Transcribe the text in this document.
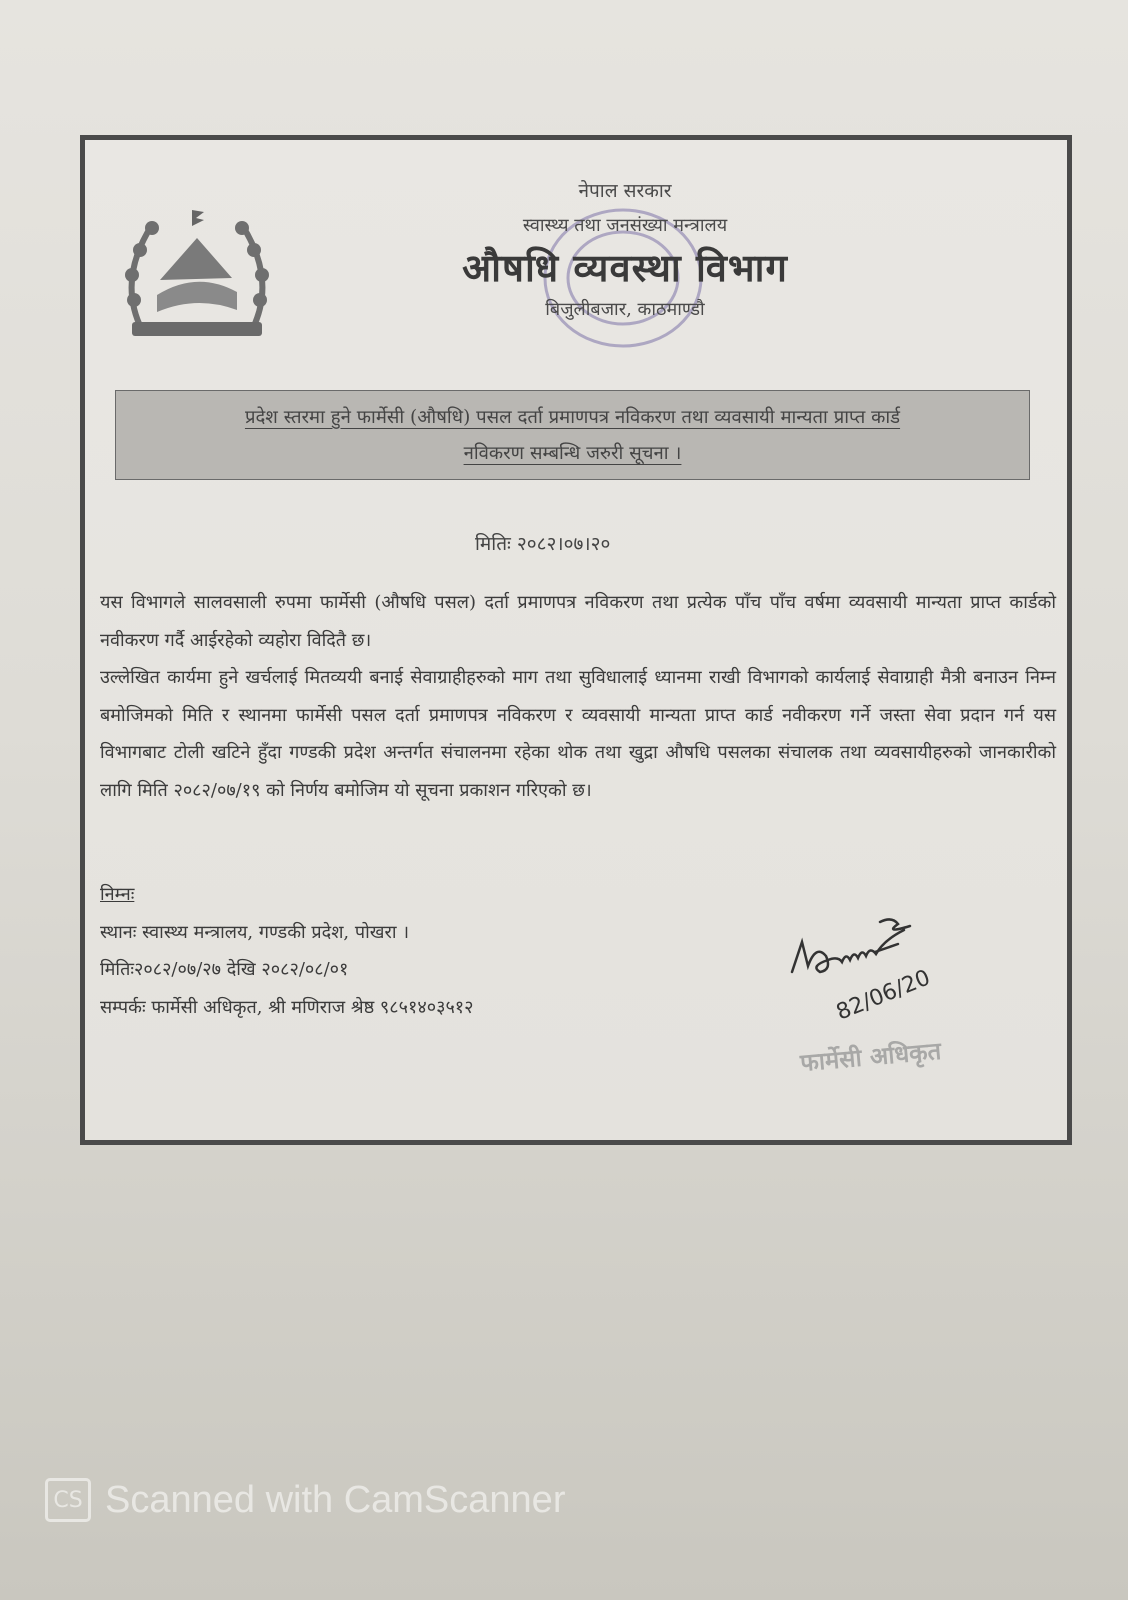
नेपाल सरकार
स्वास्थ्य तथा जनसंख्या मन्त्रालय
औषधि व्यवस्था विभाग
बिजुलीबजार, काठमाण्डौ
प्रदेश स्तरमा हुने फार्मेसी (औषधि) पसल दर्ता प्रमाणपत्र नविकरण तथा व्यवसायी मान्यता प्राप्त कार्ड
नविकरण सम्बन्धि जरुरी सूचना ।
मितिः २०८२।०७।२०

यस विभागले सालवसाली रुपमा फार्मेसी (औषधि पसल) दर्ता प्रमाणपत्र नविकरण तथा प्रत्येक पाँच पाँच वर्षमा व्यवसायी मान्यता प्राप्त कार्डको नवीकरण गर्दै आईरहेको व्यहोरा विदितै छ।

उल्लेखित कार्यमा हुने खर्चलाई मितव्ययी बनाई सेवाग्राहीहरुको माग तथा सुविधालाई ध्यानमा राखी विभागको कार्यलाई सेवाग्राही मैत्री बनाउन निम्न बमोजिमको मिति र स्थानमा फार्मेसी पसल दर्ता प्रमाणपत्र नविकरण र व्यवसायी मान्यता प्राप्त कार्ड नवीकरण गर्ने जस्ता सेवा प्रदान गर्न यस विभागबाट टोली खटिने हुँदा गण्डकी प्रदेश अन्तर्गत संचालनमा रहेका थोक तथा खुद्रा औषधि पसलका संचालक तथा व्यवसायीहरुको जानकारीको लागि मिति २०८२/०७/१९ को निर्णय बमोजिम यो सूचना प्रकाशन गरिएको छ।

निम्नः
स्थानः स्वास्थ्य मन्त्रालय, गण्डकी प्रदेश, पोखरा ।
मितिः२०८२/०७/२७ देखि २०८२/०८/०१
सम्पर्कः फार्मेसी अधिकृत, श्री मणिराज श्रेष्ठ ९८५१४०३५१२	82/06/20
फार्मेसी अधिकृत
CS Scanned with CamScanner
